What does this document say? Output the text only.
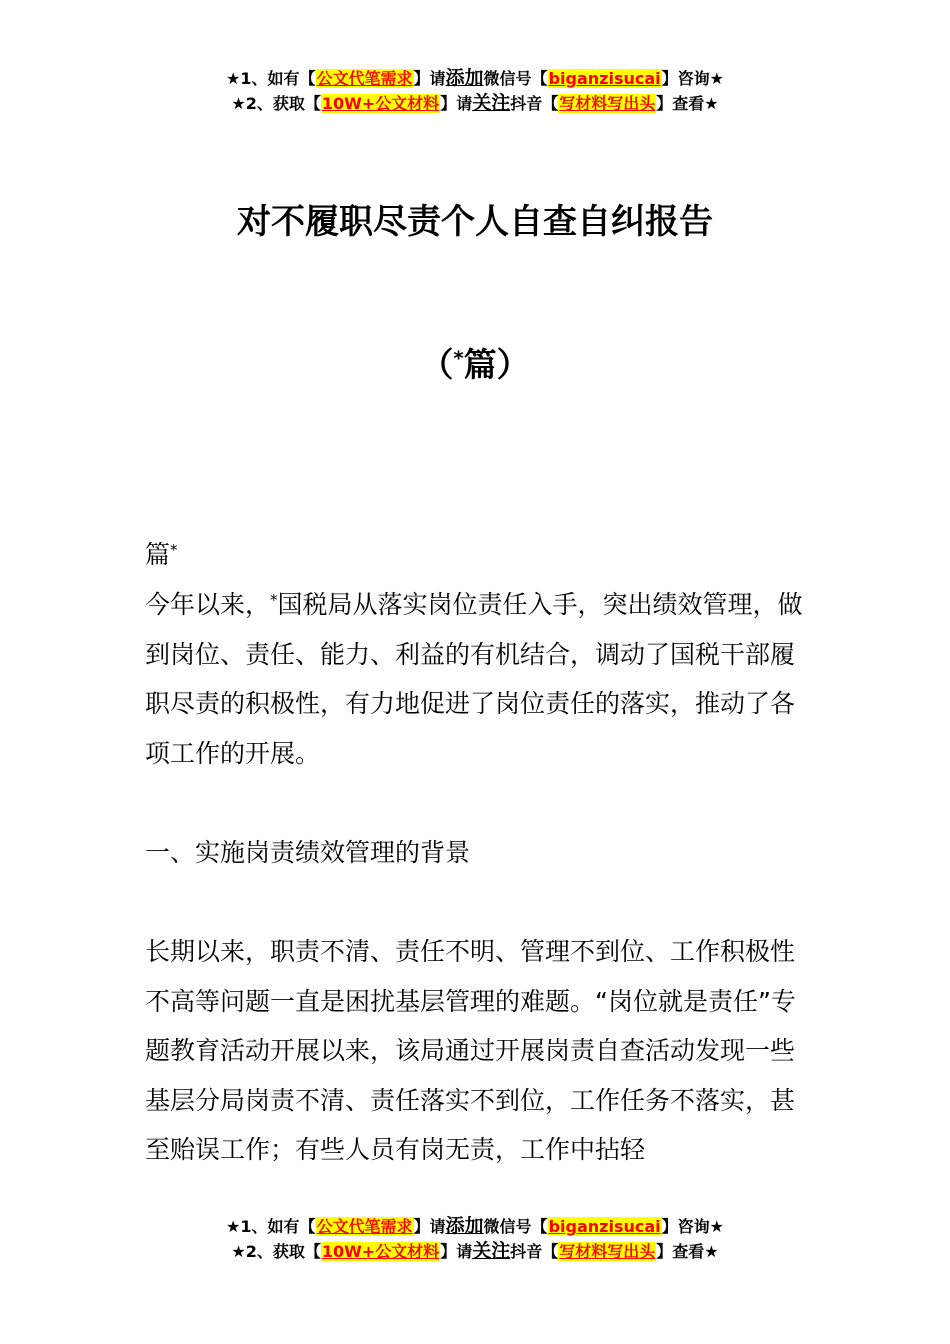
★1、如有【公文代笔需求】请添加微信号【biganzisucai】咨询★
★2、获取【10W+公文材料】请关注抖音【写材料写出头】查看★
对不履职尽责个人自查自纠报告
（*篇）

篇*

今年以来，*国税局从落实岗位责任入手，突出绩效管理，做到岗位、责任、能力、利益的有机结合，调动了国税干部履职尽责的积极性，有力地促进了岗位责任的落实，推动了各项工作的开展。

一、实施岗责绩效管理的背景

长期以来，职责不清、责任不明、管理不到位、工作积极性不高等问题一直是困扰基层管理的难题。“岗位就是责任”专题教育活动开展以来，该局通过开展岗责自查活动发现一些基层分局岗责不清、责任落实不到位，工作任务不落实，甚至贻误工作；有些人员有岗无责，工作中拈轻

★1、如有【公文代笔需求】请添加微信号【biganzisucai】咨询★
★2、获取【10W+公文材料】请关注抖音【写材料写出头】查看★
